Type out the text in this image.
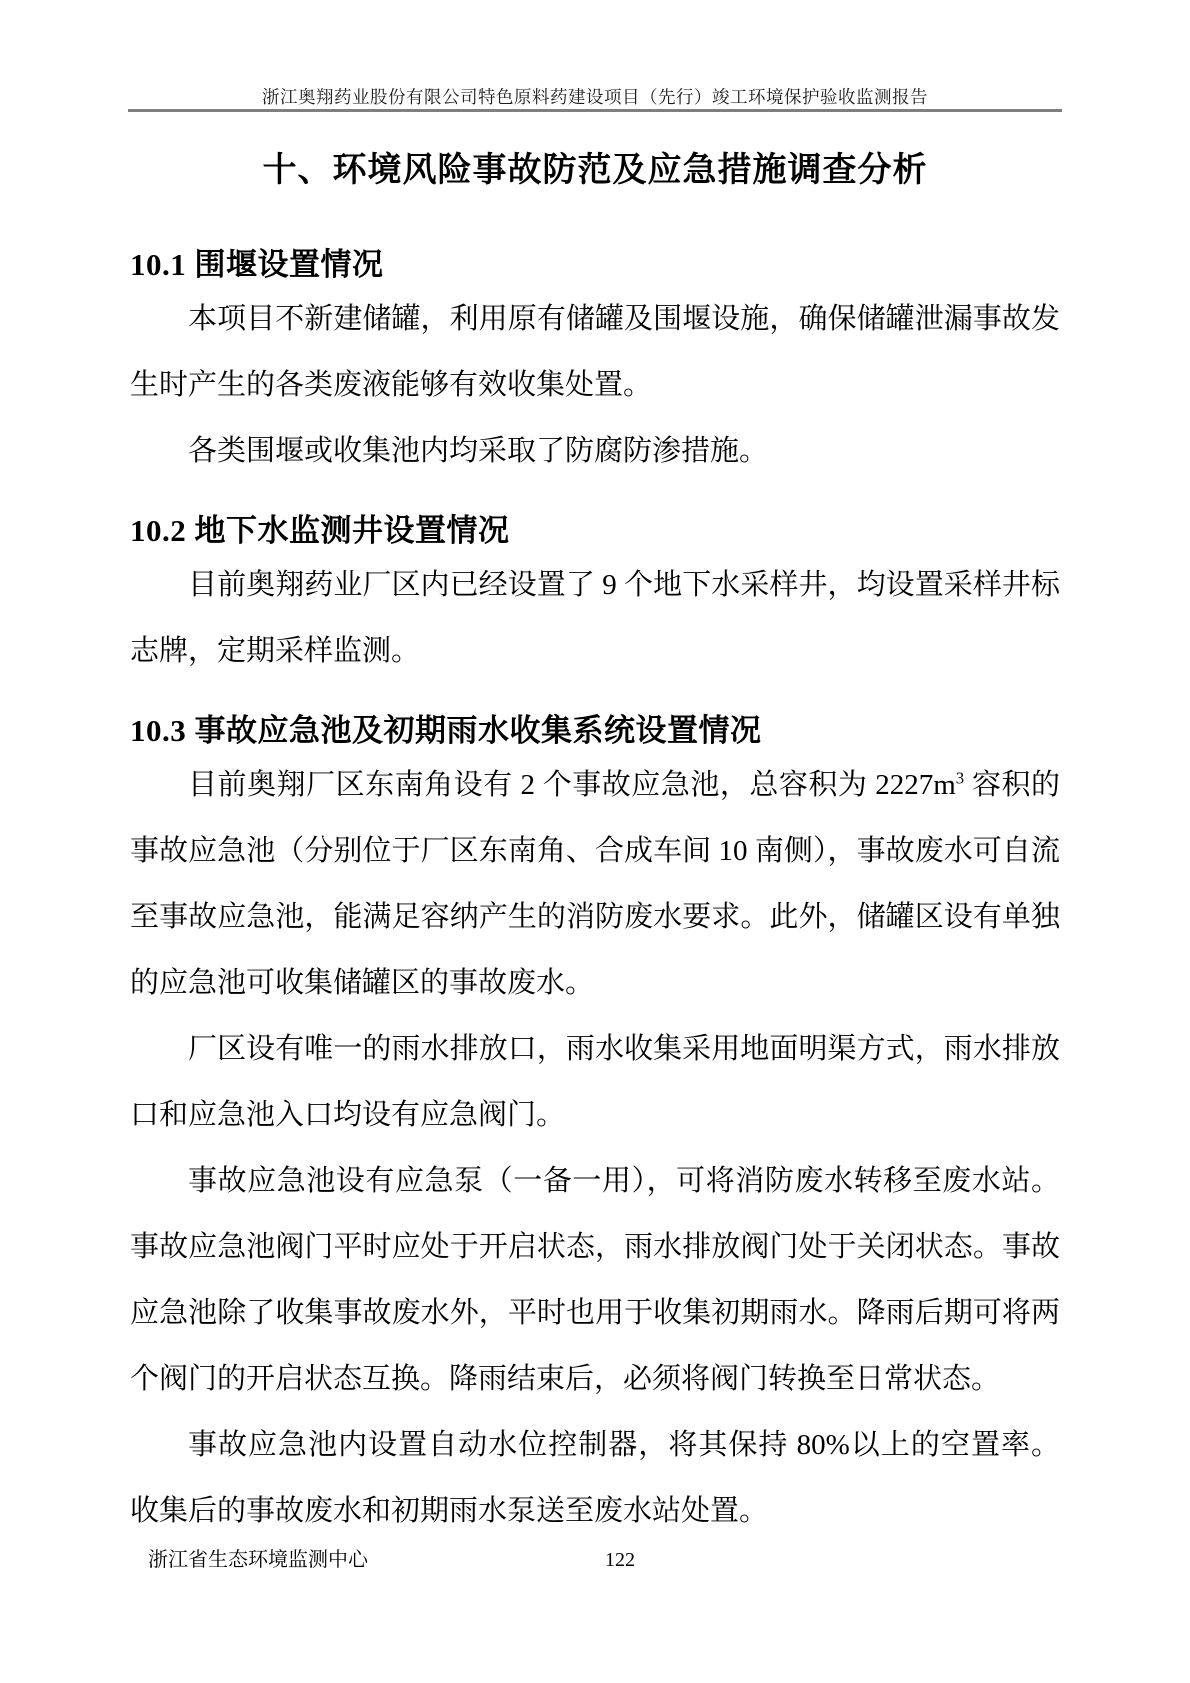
浙江奥翔药业股份有限公司特色原料药建设项目（先行）竣工环境保护验收监测报告
十、环境风险事故防范及应急措施调查分析
10.1 围堰设置情况

本项目不新建储罐，利用原有储罐及围堰设施，确保储罐泄漏事故发生时产生的各类废液能够有效收集处置。

各类围堰或收集池内均采取了防腐防渗措施。

10.2 地下水监测井设置情况

目前奥翔药业厂区内已经设置了 9 个地下水采样井，均设置采样井标志牌，定期采样监测。

10.3 事故应急池及初期雨水收集系统设置情况

目前奥翔厂区东南角设有 2 个事故应急池，总容积为 $2227m^3$ 容积的事故应急池（分别位于厂区东南角、合成车间 10 南侧），事故废水可自流至事故应急池，能满足容纳产生的消防废水要求。此外，储罐区设有单独的应急池可收集储罐区的事故废水。

厂区设有唯一的雨水排放口，雨水收集采用地面明渠方式，雨水排放口和应急池入口均设有应急阀门。

事故应急池设有应急泵（一备一用），可将消防废水转移至废水站。事故应急池阀门平时应处于开启状态，雨水排放阀门处于关闭状态。事故应急池除了收集事故废水外，平时也用于收集初期雨水。降雨后期可将两个阀门的开启状态互换。降雨结束后，必须将阀门转换至日常状态。

事故应急池内设置自动水位控制器，将其保持 80%以上的空置率。收集后的事故废水和初期雨水泵送至废水站处置。

浙江省生态环境监测中心	122
